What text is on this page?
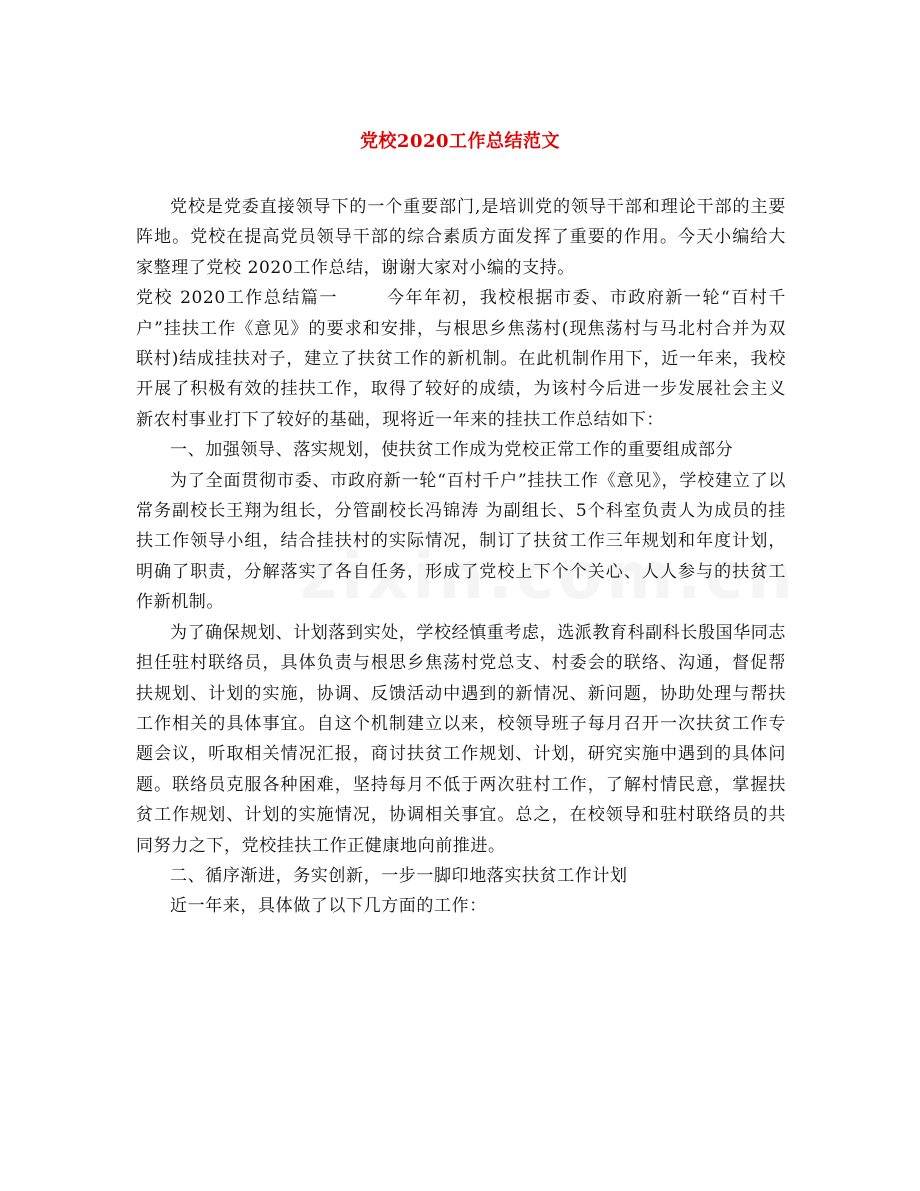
党校2020工作总结范文

党校是党委直接领导下的一个重要部门,是培训党的领导干部和理论干部的主要阵地。党校在提高党员领导干部的综合素质方面发挥了重要的作用。今天小编给大家整理了党校 2020工作总结，谢谢大家对小编的支持。

党校 2020工作总结篇一	今年年初，我校根据市委、市政府新一轮“百村千户”挂扶工作《意见》的要求和安排，与根思乡焦荡村(现焦荡村与马北村合并为双联村)结成挂扶对子，建立了扶贫工作的新机制。在此机制作用下，近一年来，我校开展了积极有效的挂扶工作，取得了较好的成绩，为该村今后进一步发展社会主义新农村事业打下了较好的基础，现将近一年来的挂扶工作总结如下：

一、加强领导、落实规划，使扶贫工作成为党校正常工作的重要组成部分

为了全面贯彻市委、市政府新一轮“百村千户”挂扶工作《意见》，学校建立了以常务副校长王翔为组长，分管副校长冯锦涛 为副组长、5个科室负责人为成员的挂扶工作领导小组，结合挂扶村的实际情况，制订了扶贫工作三年规划和年度计划，明确了职责，分解落实了各自任务，形成了党校上下个个关心、人人参与的扶贫工作新机制。

为了确保规划、计划落到实处，学校经慎重考虑，选派教育科副科长殷国华同志担任驻村联络员，具体负责与根思乡焦荡村党总支、村委会的联络、沟通，督促帮扶规划、计划的实施，协调、反馈活动中遇到的新情况、新问题，协助处理与帮扶工作相关的具体事宜。自这个机制建立以来，校领导班子每月召开一次扶贫工作专题会议，听取相关情况汇报，商讨扶贫工作规划、计划，研究实施中遇到的具体问题。联络员克服各种困难，坚持每月不低于两次驻村工作，了解村情民意，掌握扶贫工作规划、计划的实施情况，协调相关事宜。总之，在校领导和驻村联络员的共同努力之下，党校挂扶工作正健康地向前推进。

二、循序渐进，务实创新，一步一脚印地落实扶贫工作计划

近一年来，具体做了以下几方面的工作：
